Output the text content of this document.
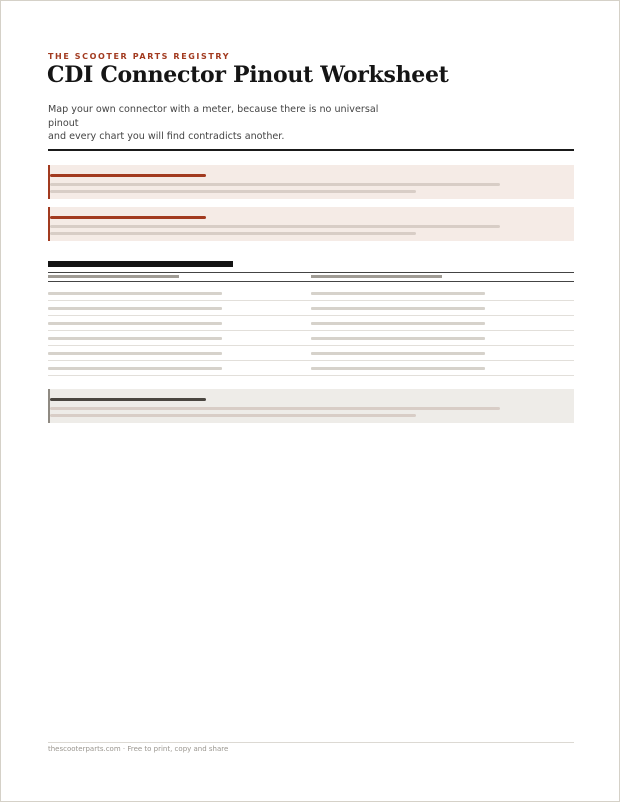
THE SCOOTER PARTS REGISTRY
CDI Connector Pinout Worksheet
Map your own connector with a meter, because there is no universal pinout
and every chart you will find contradicts another.
thescooterparts.com · Free to print, copy and share
